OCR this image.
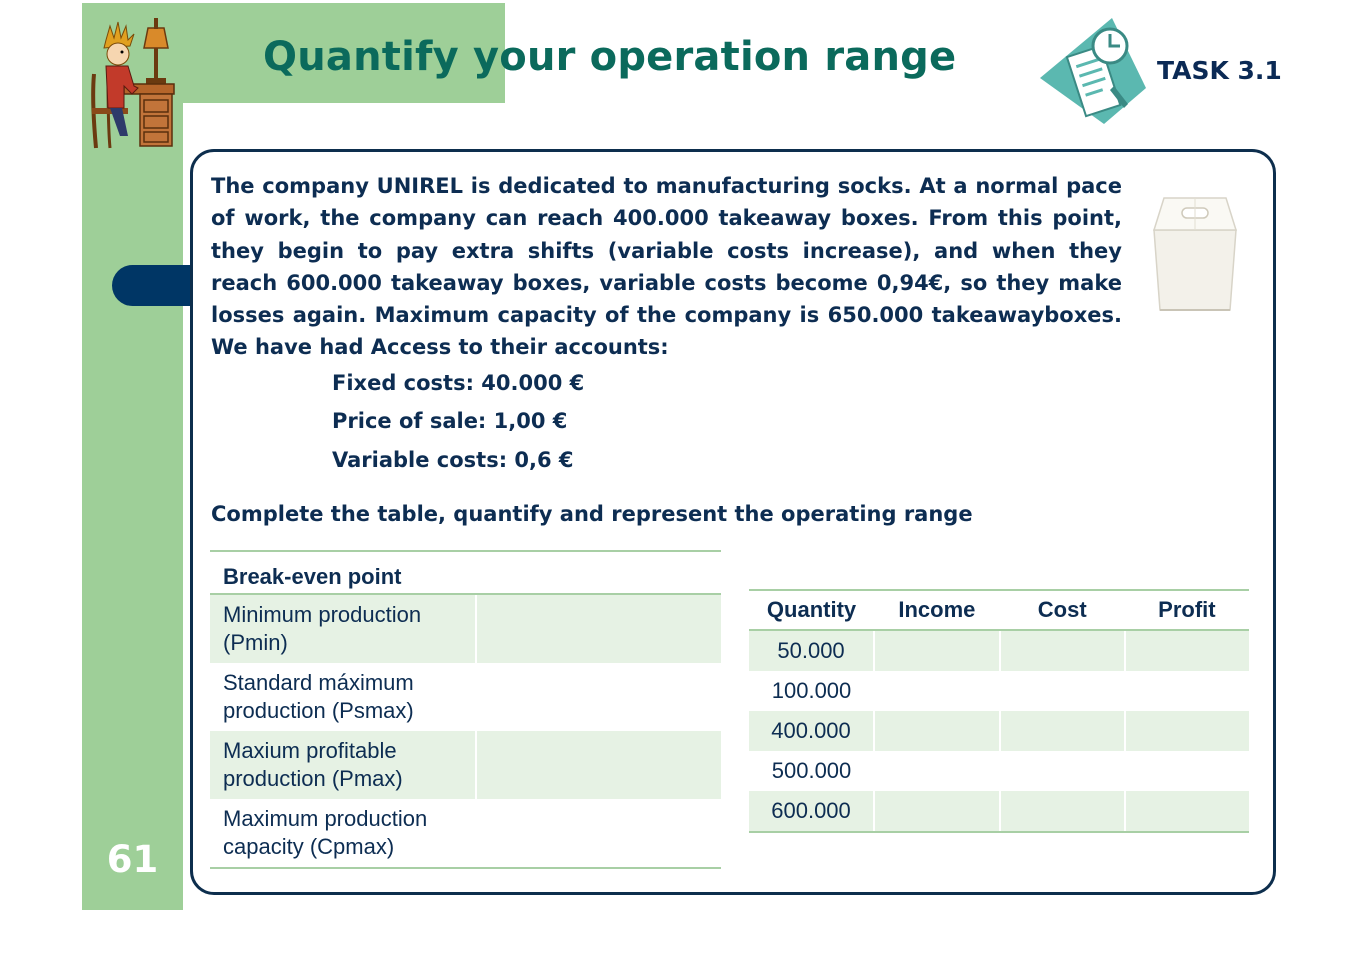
Quantify your operation range	TASK 3.1
61

The company UNIREL is dedicated to manufacturing socks. At a normal pace of work, the company can reach 400.000 takeaway boxes. From this point, they begin to pay extra shifts (variable costs increase), and when they reach 600.000 takeaway boxes, variable costs become 0,94€, so they make losses again. Maximum capacity of the company is 650.000 takeawayboxes. We have had Access to their accounts:

Fixed costs: 40.000 €
Price of sale: 1,00 €
Variable costs: 0,6 €
Complete the table, quantify and represent the operating range
Break-even point	
Minimum production (Pmin)	
Standard máximum production (Psmax)	
Maxium profitable production (Pmax)	
Maximum production capacity (Cpmax)	
Quantity	Income	Cost	Profit
50.000			
100.000			
400.000			
500.000			
600.000			
